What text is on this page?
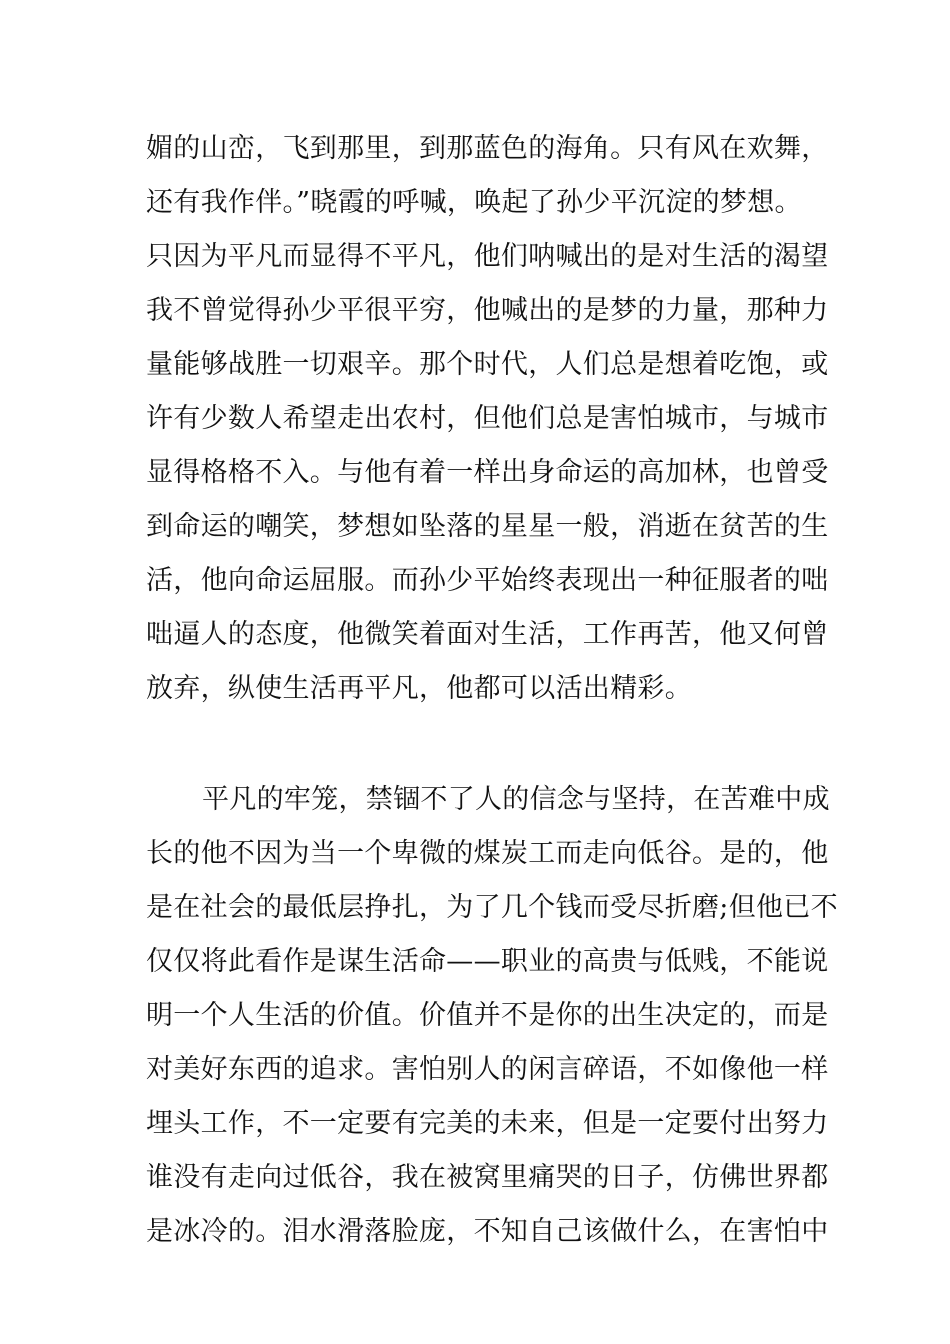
媚的山峦，飞到那里，到那蓝色的海角。只有风在欢舞，
还有我作伴。”晓霞的呼喊，唤起了孙少平沉淀的梦想。
只因为平凡而显得不平凡，他们呐喊出的是对生活的渴望
我不曾觉得孙少平很平穷，他喊出的是梦的力量，那种力
量能够战胜一切艰辛。那个时代，人们总是想着吃饱，或
许有少数人希望走出农村，但他们总是害怕城市，与城市
显得格格不入。与他有着一样出身命运的高加林，也曾受
到命运的嘲笑，梦想如坠落的星星一般，消逝在贫苦的生
活，他向命运屈服。而孙少平始终表现出一种征服者的咄
咄逼人的态度，他微笑着面对生活，工作再苦，他又何曾
放弃，纵使生活再平凡，他都可以活出精彩。
平凡的牢笼，禁锢不了人的信念与坚持，在苦难中成
长的他不因为当一个卑微的煤炭工而走向低谷。是的，他
是在社会的最低层挣扎，为了几个钱而受尽折磨;但他已不
仅仅将此看作是谋生活命——职业的高贵与低贱，不能说
明一个人生活的价值。价值并不是你的出生决定的，而是
对美好东西的追求。害怕别人的闲言碎语，不如像他一样
埋头工作，不一定要有完美的未来，但是一定要付出努力
谁没有走向过低谷，我在被窝里痛哭的日子，仿佛世界都
是冰冷的。泪水滑落脸庞，不知自己该做什么，在害怕中
